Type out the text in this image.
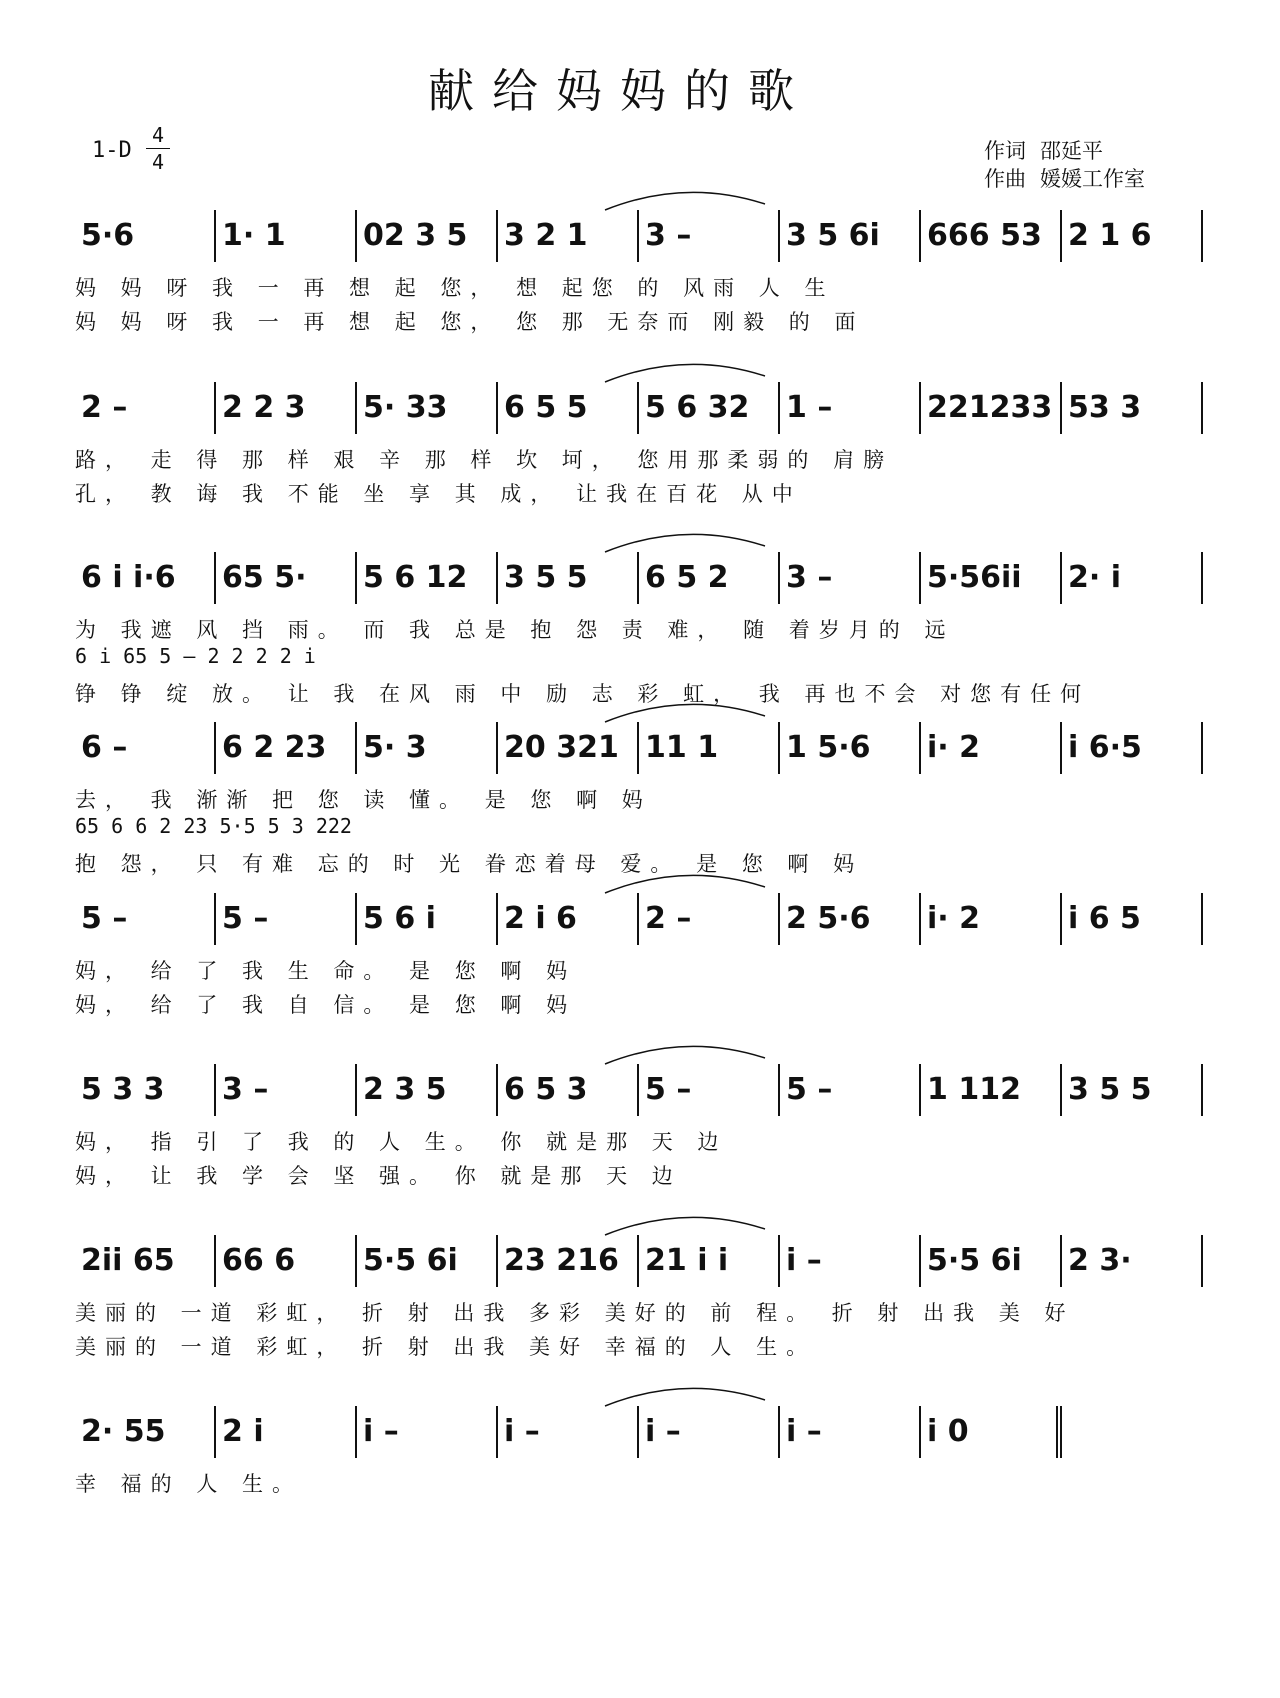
献给妈妈的歌
1-D
4
4	作词 邵延平
作曲 媛媛工作室
5·6	1· 1	02 3 5 3 2 1 3 –	3 5 6i 666 53 2 1 6
妈 妈 呀 我 一 再 想 起 您， 想 起您 的 风雨 人 生
妈 妈 呀 我 一 再 想 起 您， 您 那 无奈而 刚毅 的 面
2 –	2 2 3 5· 33 6 5 5 5 6 32 1 –	221233 53 3
路， 走 得 那 样 艰 辛 那 样 坎 坷， 您用那柔弱的 肩膀
孔， 教 诲 我 不能 坐 享 其 成， 让我在百花 从中
6 i i·6 65 5· 5 6 12 3 5 5 6 5 2 3 –	5·56ii 2· i
为 我遮 风 挡 雨。 而 我 总是 抱 怨 责 难， 随 着岁月的 远
6 i 65 5 — 2 2 2 2 i
铮 铮 绽 放。 让 我 在风 雨 中 励 志 彩 虹， 我 再也不会 对您有任何
6 –	6 2 23 5· 3	20 321 11 1 1 5·6 i· 2	i 6·5
去， 我 渐渐 把 您 读 懂。 是 您 啊 妈
65 6 6 2 23 5·5 5 3 222
抱 怨， 只 有难 忘的 时 光 眷恋着母 爱。 是 您 啊 妈
5 –	5 –	5 6 i 2 i 6 2 –	2 5·6 i· 2	i 6 5
妈， 给 了 我 生 命。 是 您 啊 妈
妈， 给 了 我 自 信。 是 您 啊 妈
5 3 3 3 –	2 3 5 6 5 3 5 –	5 –	1 112 3 5 5
妈， 指 引 了 我 的 人 生。 你 就是那 天 边
妈， 让 我 学 会 坚 强。 你 就是那 天 边
2ii 65 66 6 5·5 6i 23 216 21 i i i –	5·5 6i 2 3·
美丽的 一道 彩虹， 折 射 出我 多彩 美好的 前 程。 折 射 出我 美 好
美丽的 一道 彩虹， 折 射 出我 美好 幸福的 人 生。
2· 55 2 i	i –	i –	i –	i –	i 0
幸 福的 人 生。
